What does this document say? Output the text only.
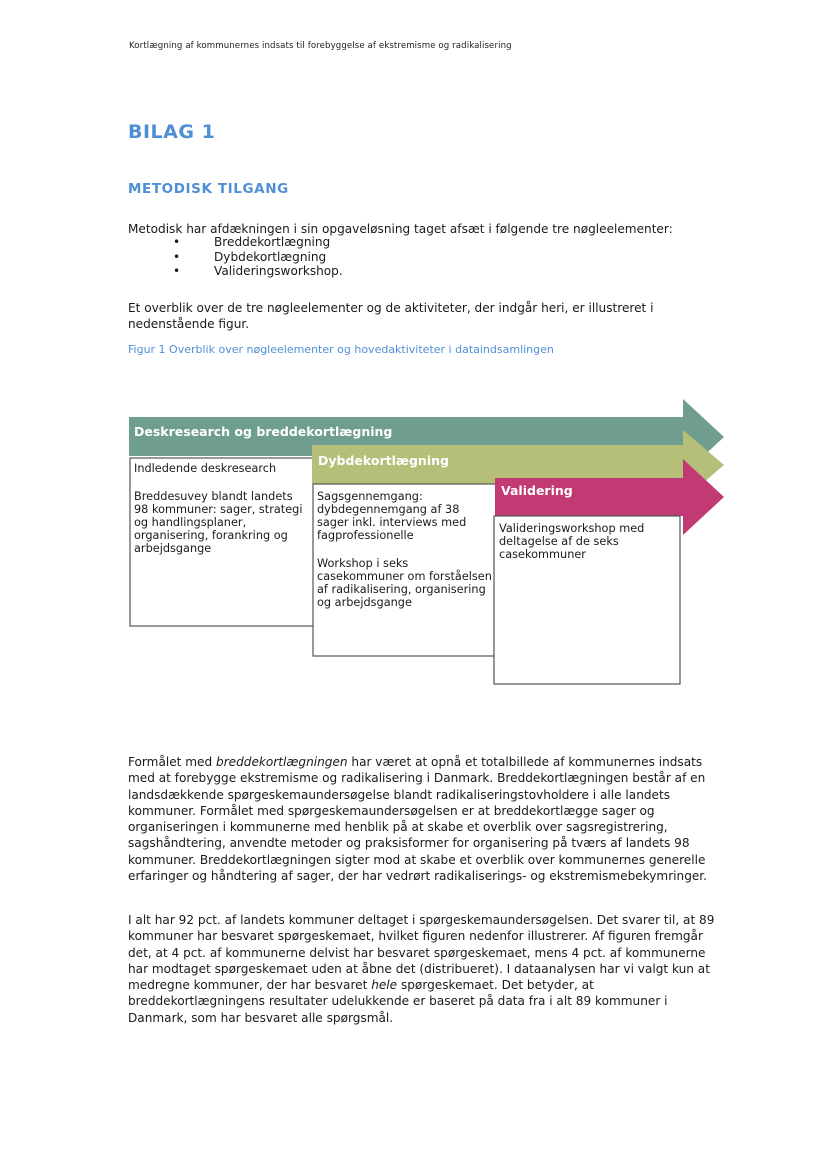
Kortlægning af kommunernes indsats til forebyggelse af ekstremisme og radikalisering
BILAG 1
METODISK TILGANG
Metodisk har afdækningen i sin opgaveløsning taget afsæt i følgende tre nøgleelementer:
• Breddekortlægning
• Dybdekortlægning
• Valideringsworkshop.
Et overblik over de tre nøgleelementer og de aktiviteter, der indgår heri, er illustreret i nedenstående figur.
Figur 1 Overblik over nøgleelementer og hovedaktiviteter i dataindsamlingen
Deskresearch og breddekortlægning
Dybdekortlægning
Validering

Indledende deskresearch

Breddesuvey blandt landets 98 kommuner: sager, strategi og handlingsplaner, organisering, forankring og arbejdsgange

Sagsgennemgang: dybdegennemgang af 38 sager inkl. interviews med fagprofessionelle

Workshop i seks casekommuner om forståelsen af radikalisering, organisering og arbejdsgange

Valideringsworkshop med deltagelse af de seks casekommuner

Formålet med breddekortlægningen har været at opnå et totalbillede af kommunernes indsats med at forebygge ekstremisme og radikalisering i Danmark. Breddekortlægningen består af en landsdækkende spørgeskemaundersøgelse blandt radikaliseringstovholdere i alle landets kommuner. Formålet med spørgeskemaundersøgelsen er at breddekortlægge sager og organiseringen i kommunerne med henblik på at skabe et overblik over sagsregistrering, sagshåndtering, anvendte metoder og praksisformer for organisering på tværs af landets 98 kommuner. Breddekortlægningen sigter mod at skabe et overblik over kommunernes generelle erfaringer og håndtering af sager, der har vedrørt radikaliserings- og ekstremismebekymringer.
I alt har 92 pct. af landets kommuner deltaget i spørgeskemaundersøgelsen. Det svarer til, at 89 kommuner har besvaret spørgeskemaet, hvilket figuren nedenfor illustrerer. Af figuren fremgår det, at 4 pct. af kommunerne delvist har besvaret spørgeskemaet, mens 4 pct. af kommunerne har modtaget spørgeskemaet uden at åbne det (distribueret). I dataanalysen har vi valgt kun at medregne kommuner, der har besvaret hele spørgeskemaet. Det betyder, at breddekortlægningens resultater udelukkende er baseret på data fra i alt 89 kommuner i Danmark, som har besvaret alle spørgsmål.
